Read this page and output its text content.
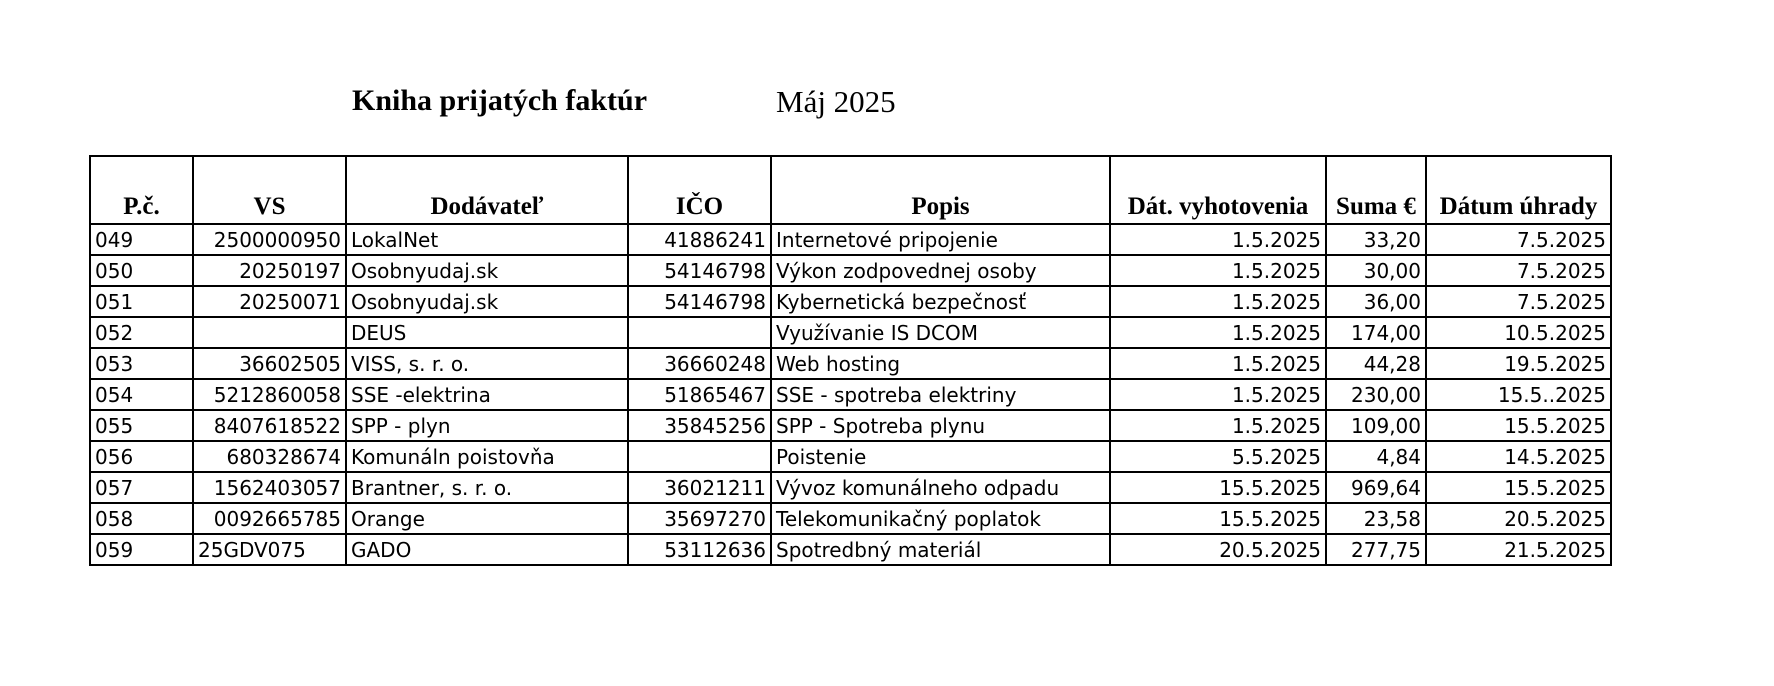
Kniha prijatých faktúr	Máj 2025
P.č.	VS	Dodávateľ	IČO	Popis	Dát. vyhotovenia	Suma €	Dátum úhrady
049	2500000950	LokalNet	41886241	Internetové pripojenie	1.5.2025	33,20	7.5.2025
050	20250197	Osobnyudaj.sk	54146798	Výkon zodpovednej osoby	1.5.2025	30,00	7.5.2025
051	20250071	Osobnyudaj.sk	54146798	Kybernetická bezpečnosť	1.5.2025	36,00	7.5.2025
052		DEUS		Využívanie IS DCOM	1.5.2025	174,00	10.5.2025
053	36602505	VISS, s. r. o.	36660248	Web hosting	1.5.2025	44,28	19.5.2025
054	5212860058	SSE -elektrina	51865467	SSE - spotreba elektriny	1.5.2025	230,00	15.5..2025
055	8407618522	SPP - plyn	35845256	SPP - Spotreba plynu	1.5.2025	109,00	15.5.2025
056	680328674	Komunáln poistovňa		Poistenie	5.5.2025	4,84	14.5.2025
057	1562403057	Brantner, s. r. o.	36021211	Vývoz komunálneho odpadu	15.5.2025	969,64	15.5.2025
058	0092665785	Orange	35697270	Telekomunikačný poplatok	15.5.2025	23,58	20.5.2025
059	25GDV075	GADO	53112636	Spotredbný materiál	20.5.2025	277,75	21.5.2025
